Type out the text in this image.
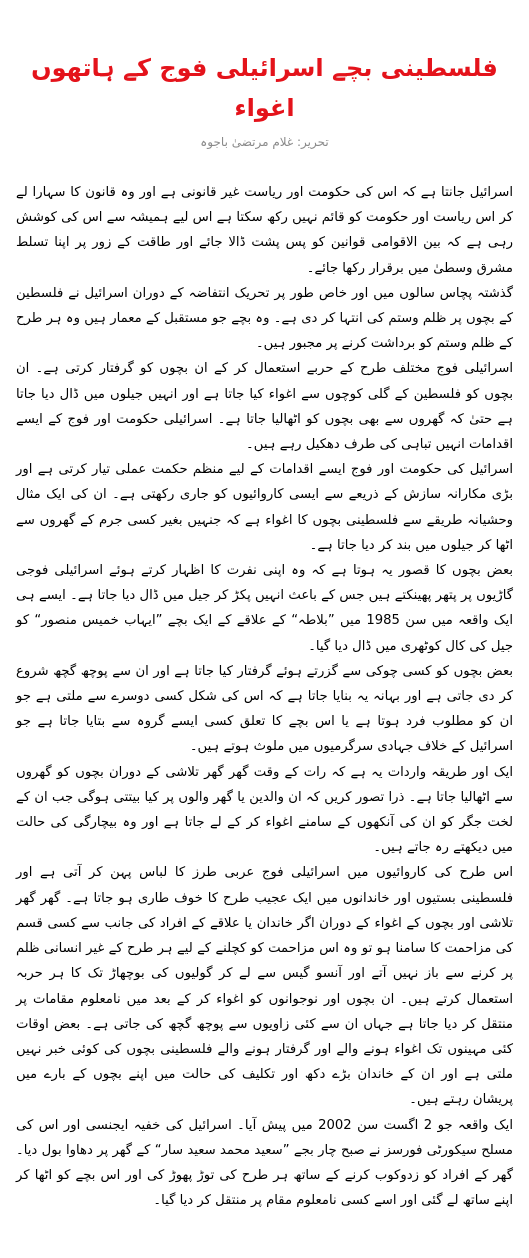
فلسطینی بچے اسرائیلی فوج کے ہاتھوں اغواء
تحریر: غلام مرتضیٰ باجوہ

اسرائیل جانتا ہے کہ اس کی حکومت اور ریاست غیر قانونی ہے اور وہ قانون کا سہارا لے کر اس ریاست اور حکومت کو قائم نہیں رکھ سکتا ہے اس لیے ہمیشہ سے اس کی کوشش رہی ہے کہ بین الاقوامی قوانین کو پس پشت ڈالا جائے اور طاقت کے زور پر اپنا تسلط مشرق وسطیٰ میں برقرار رکھا جائے۔

گذشتہ پچاس سالوں میں اور خاص طور پر تحریک انتفاضہ کے دوران اسرائیل نے فلسطین کے بچوں پر ظلم وستم کی انتہا کر دی ہے۔ وہ بچے جو مستقبل کے معمار ہیں وہ ہر طرح کے ظلم وستم کو برداشت کرنے پر مجبور ہیں۔

اسرائیلی فوج مختلف طرح کے حربے استعمال کر کے ان بچوں کو گرفتار کرتی ہے۔ ان بچوں کو فلسطین کے گلی کوچوں سے اغواء کیا جاتا ہے اور انہیں جیلوں میں ڈال دیا جاتا ہے حتیٰ کہ گھروں سے بھی بچوں کو اٹھالیا جاتا ہے۔ اسرائیلی حکومت اور فوج کے ایسے اقدامات انہیں تباہی کی طرف دھکیل رہے ہیں۔

اسرائیل کی حکومت اور فوج ایسے اقدامات کے لیے منظم حکمت عملی تیار کرتی ہے اور بڑی مکارانہ سازش کے ذریعے سے ایسی کاروائیوں کو جاری رکھتی ہے۔ ان کی ایک مثال وحشیانہ طریقے سے فلسطینی بچوں کا اغواء ہے کہ جنہیں بغیر کسی جرم کے گھروں سے اٹھا کر جیلوں میں بند کر دیا جاتا ہے۔

بعض بچوں کا قصور یہ ہوتا ہے کہ وہ اپنی نفرت کا اظہار کرتے ہوئے اسرائیلی فوجی گاڑیوں پر پتھر پھینکتے ہیں جس کے باعث انہیں پکڑ کر جیل میں ڈال دیا جاتا ہے۔ ایسے ہی ایک واقعہ میں سن 1985 میں ”بلاطہ“ کے علاقے کے ایک بچے ”ایہاب خمیس منصور“ کو جیل کی کال کوٹھری میں ڈال دیا گیا۔

بعض بچوں کو کسی چوکی سے گزرتے ہوئے گرفتار کیا جاتا ہے اور ان سے پوچھ گچھ شروع کر دی جاتی ہے اور بہانہ یہ بنایا جاتا ہے کہ اس کی شکل کسی دوسرے سے ملتی ہے جو ان کو مطلوب فرد ہوتا ہے یا اس بچے کا تعلق کسی ایسے گروہ سے بتایا جاتا ہے جو اسرائیل کے خلاف جہادی سرگرمیوں میں ملوث ہوتے ہیں۔

ایک اور طریقہ واردات یہ ہے کہ رات کے وقت گھر گھر تلاشی کے دوران بچوں کو گھروں سے اٹھالیا جاتا ہے۔ ذرا تصور کریں کہ ان والدین یا گھر والوں پر کیا بیتتی ہوگی جب ان کے لخت جگر کو ان کی آنکھوں کے سامنے اغواء کر کے لے جاتا ہے اور وہ بیچارگی کی حالت میں دیکھتے رہ جاتے ہیں۔

اس طرح کی کاروائیوں میں اسرائیلی فوج عربی طرز کا لباس پہن کر آتی ہے اور فلسطینی بستیوں اور خاندانوں میں ایک عجیب طرح کا خوف طاری ہو جاتا ہے۔ گھر گھر تلاشی اور بچوں کے اغواء کے دوران اگر خاندان یا علاقے کے افراد کی جانب سے کسی قسم کی مزاحمت کا سامنا ہو تو وہ اس مزاحمت کو کچلنے کے لیے ہر طرح کے غیر انسانی ظلم پر کرنے سے باز نہیں آتے اور آنسو گیس سے لے کر گولیوں کی بوچھاڑ تک کا ہر حربہ استعمال کرتے ہیں۔ ان بچوں اور نوجوانوں کو اغواء کر کے بعد میں نامعلوم مقامات پر منتقل کر دیا جاتا ہے جہاں ان سے کئی زاویوں سے پوچھ گچھ کی جاتی ہے۔ بعض اوقات کئی مہینوں تک اغواء ہونے والے اور گرفتار ہونے والے فلسطینی بچوں کی کوئی خبر نہیں ملتی ہے اور ان کے خاندان بڑے دکھ اور تکلیف کی حالت میں اپنے بچوں کے بارے میں پریشان رہتے ہیں۔

ایک واقعہ جو 2 اگست سن 2002 میں پیش آیا۔ اسرائیل کی خفیہ ایجنسی اور اس کی مسلح سیکورٹی فورسز نے صبح چار بجے ”سعید محمد سعید سار“ کے گھر پر دھاوا بول دیا۔ گھر کے افراد کو زدوکوب کرنے کے ساتھ ہر طرح کی توڑ پھوڑ کی اور اس بچے کو اٹھا کر اپنے ساتھ لے گئی اور اسے کسی نامعلوم مقام پر منتقل کر دیا گیا۔
